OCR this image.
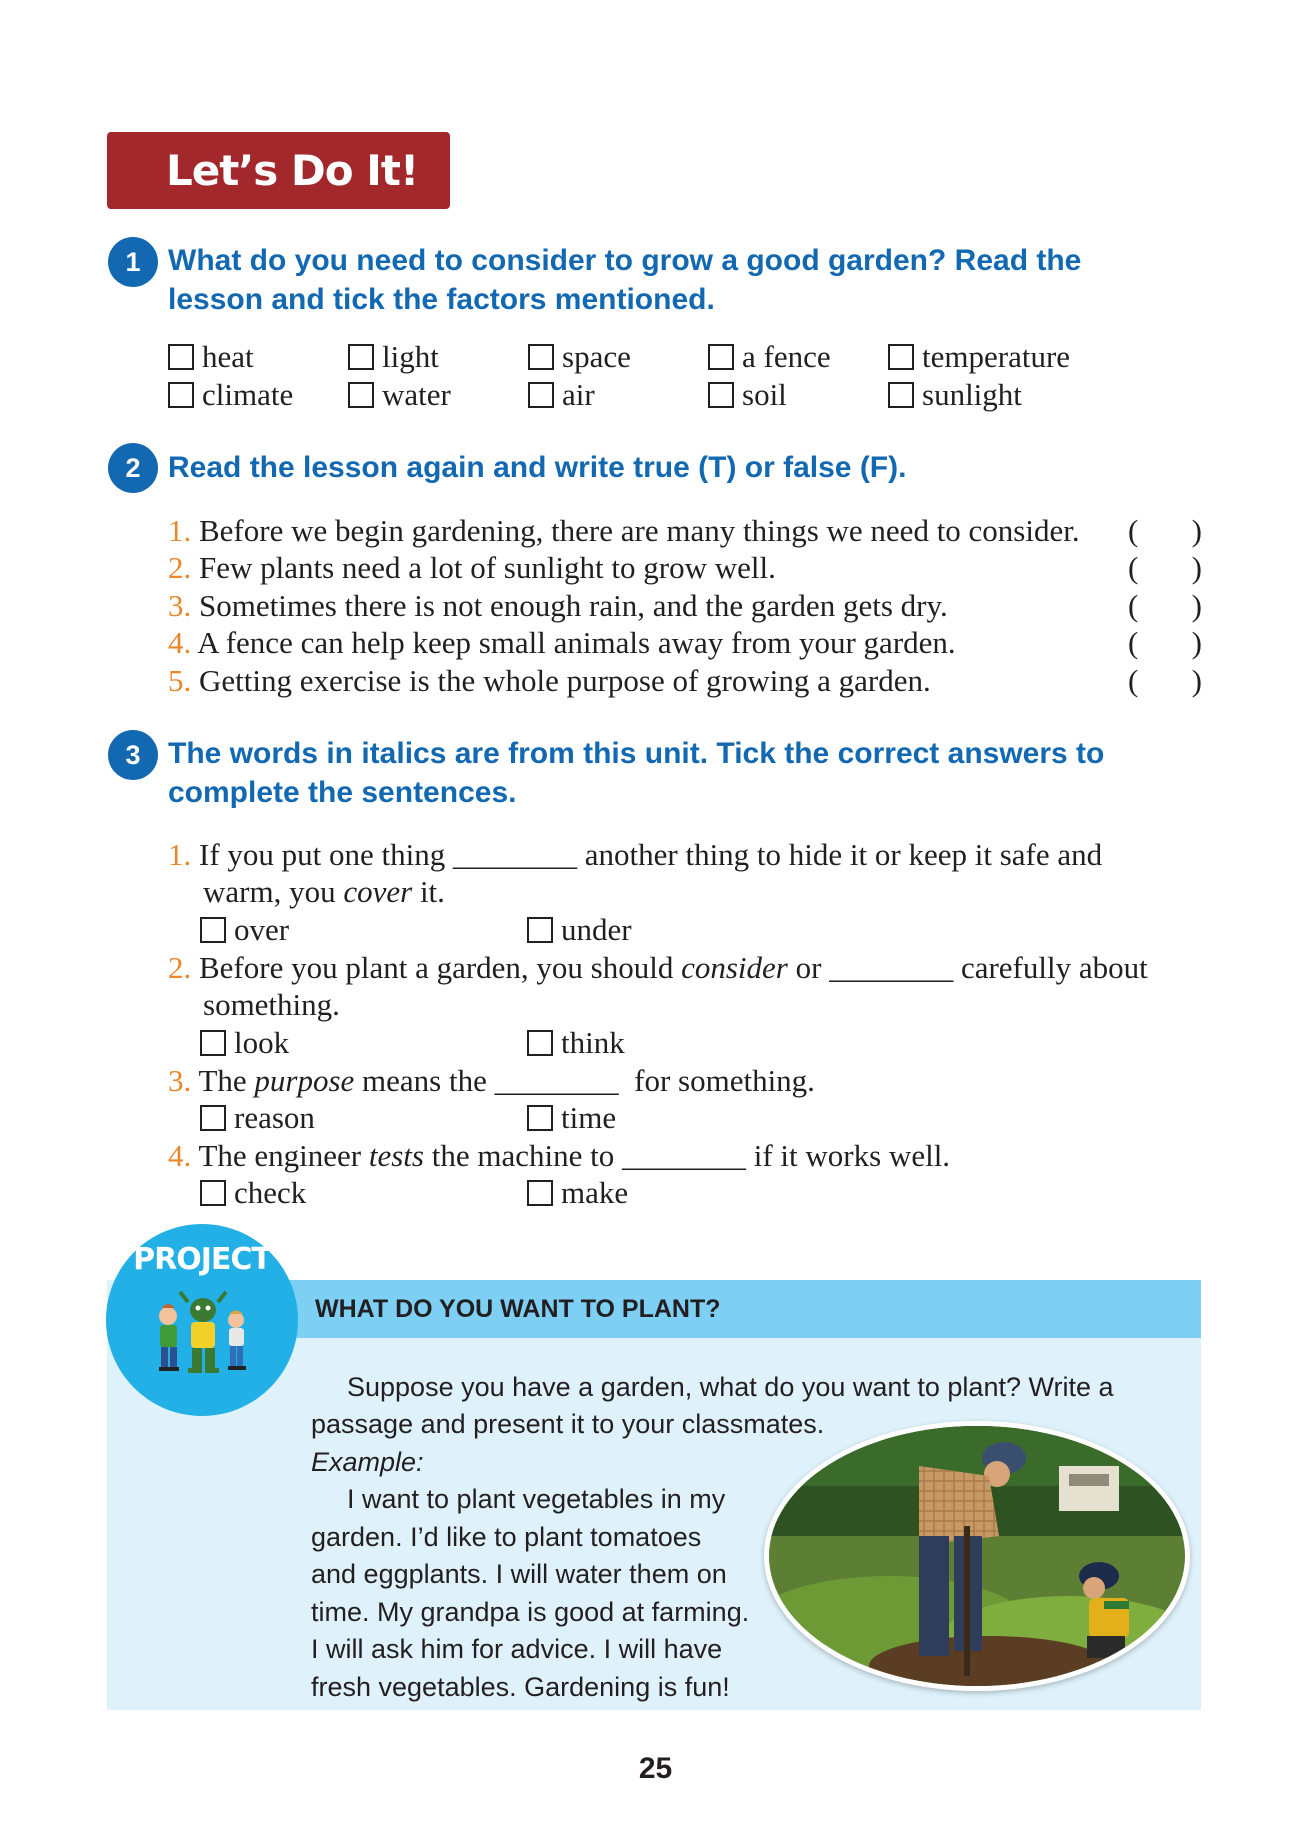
Let’s Do It!
1 What do you need to consider to grow a good garden? Read the
lesson and tick the factors mentioned.
heat	light	space	a fence	temperature
climate	water	air	soil	sunlight
2 Read the lesson again and write true (T) or false (F).
1. Before we begin gardening, there are many things we need to consider.
2. Few plants need a lot of sunlight to grow well.
3. Sometimes there is not enough rain, and the garden gets dry.
4. A fence can help keep small animals away from your garden.
5. Getting exercise is the whole purpose of growing a garden.
( )
( )
( )
( )
( )
3 The words in italics are from this unit. Tick the correct answers to
complete the sentences.
1. If you put one thing ________ another thing to hide it or keep it safe and
warm, you cover it.
over	under
2. Before you plant a garden, you should consider or ________ carefully about
something.
look	think
3. The purpose means the ________ for something.
reason	time
4. The engineer tests the machine to ________ if it works well.
check	make
WHAT DO YOU WANT TO PLANT?
PROJECT
Suppose you have a garden, what do you want to plant? Write a
passage and present it to your classmates.
Example:
I want to plant vegetables in my
garden. I’d like to plant tomatoes
and eggplants. I will water them on
time. My grandpa is good at farming.
I will ask him for advice. I will have
fresh vegetables. Gardening is fun!
25
